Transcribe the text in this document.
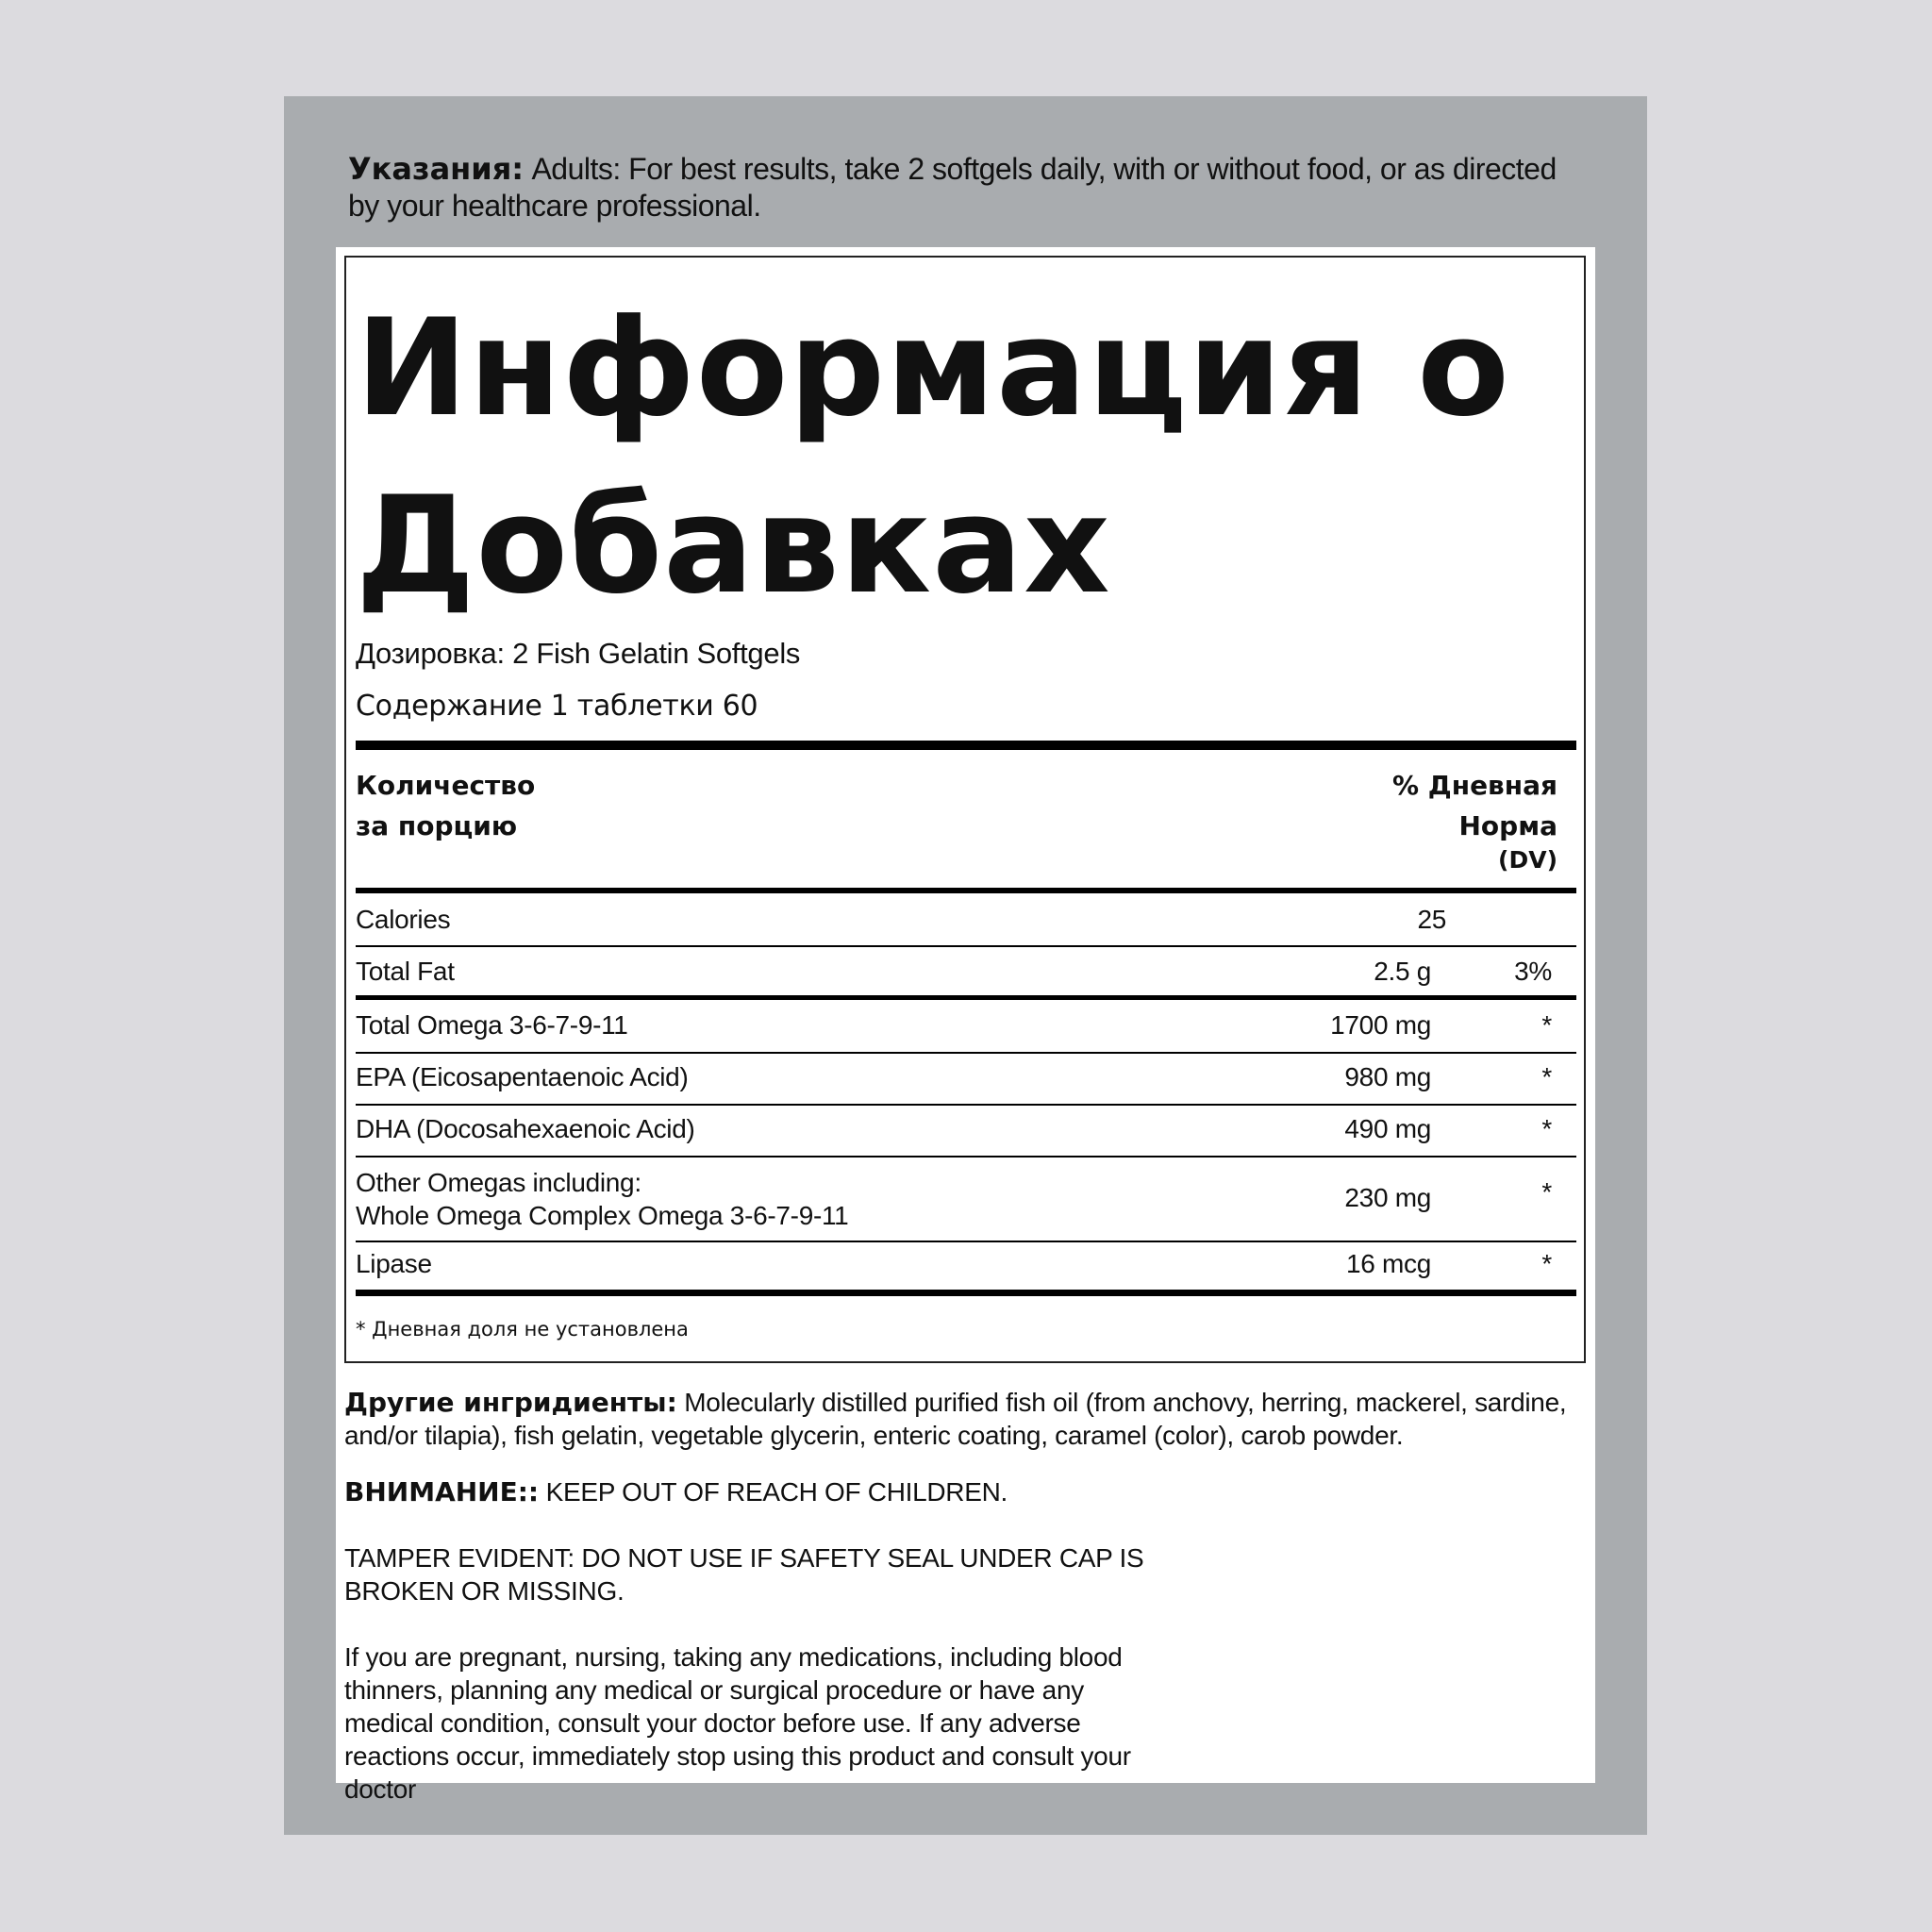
Указания: Adults: For best results, take 2 softgels daily, with or without food, or as directed by your healthcare professional.
Информация о Добавках
Дозировка: 2 Fish Gelatin Softgels
Содержание 1 таблетки 60
Количество
за порцию
% Дневная
Норма
(DV)
Calories	25
Total Fat	2.5 g	3%
Total Omega 3-6-7-9-11	1700 mg	*
EPA (Eicosapentaenoic Acid)	980 mg	*
DHA (Docosahexaenoic Acid)	490 mg	*
Other Omegas including:
Whole Omega Complex Omega 3-6-7-9-11
230 mg	*
Lipase	16 mcg	*
* Дневная доля не установлена
Другие ингридиенты: Molecularly distilled purified fish oil (from anchovy, herring, mackerel, sardine, and/or tilapia), fish gelatin, vegetable glycerin, enteric coating, caramel (color), carob powder.
ВНИМАНИЕ:: KEEP OUT OF REACH OF CHILDREN.
TAMPER EVIDENT: DO NOT USE IF SAFETY SEAL UNDER CAP IS BROKEN OR MISSING.
If you are pregnant, nursing, taking any medications, including blood thinners, planning any medical or surgical procedure or have any medical condition, consult your doctor before use. If any adverse reactions occur, immediately stop using this product and consult your doctor
